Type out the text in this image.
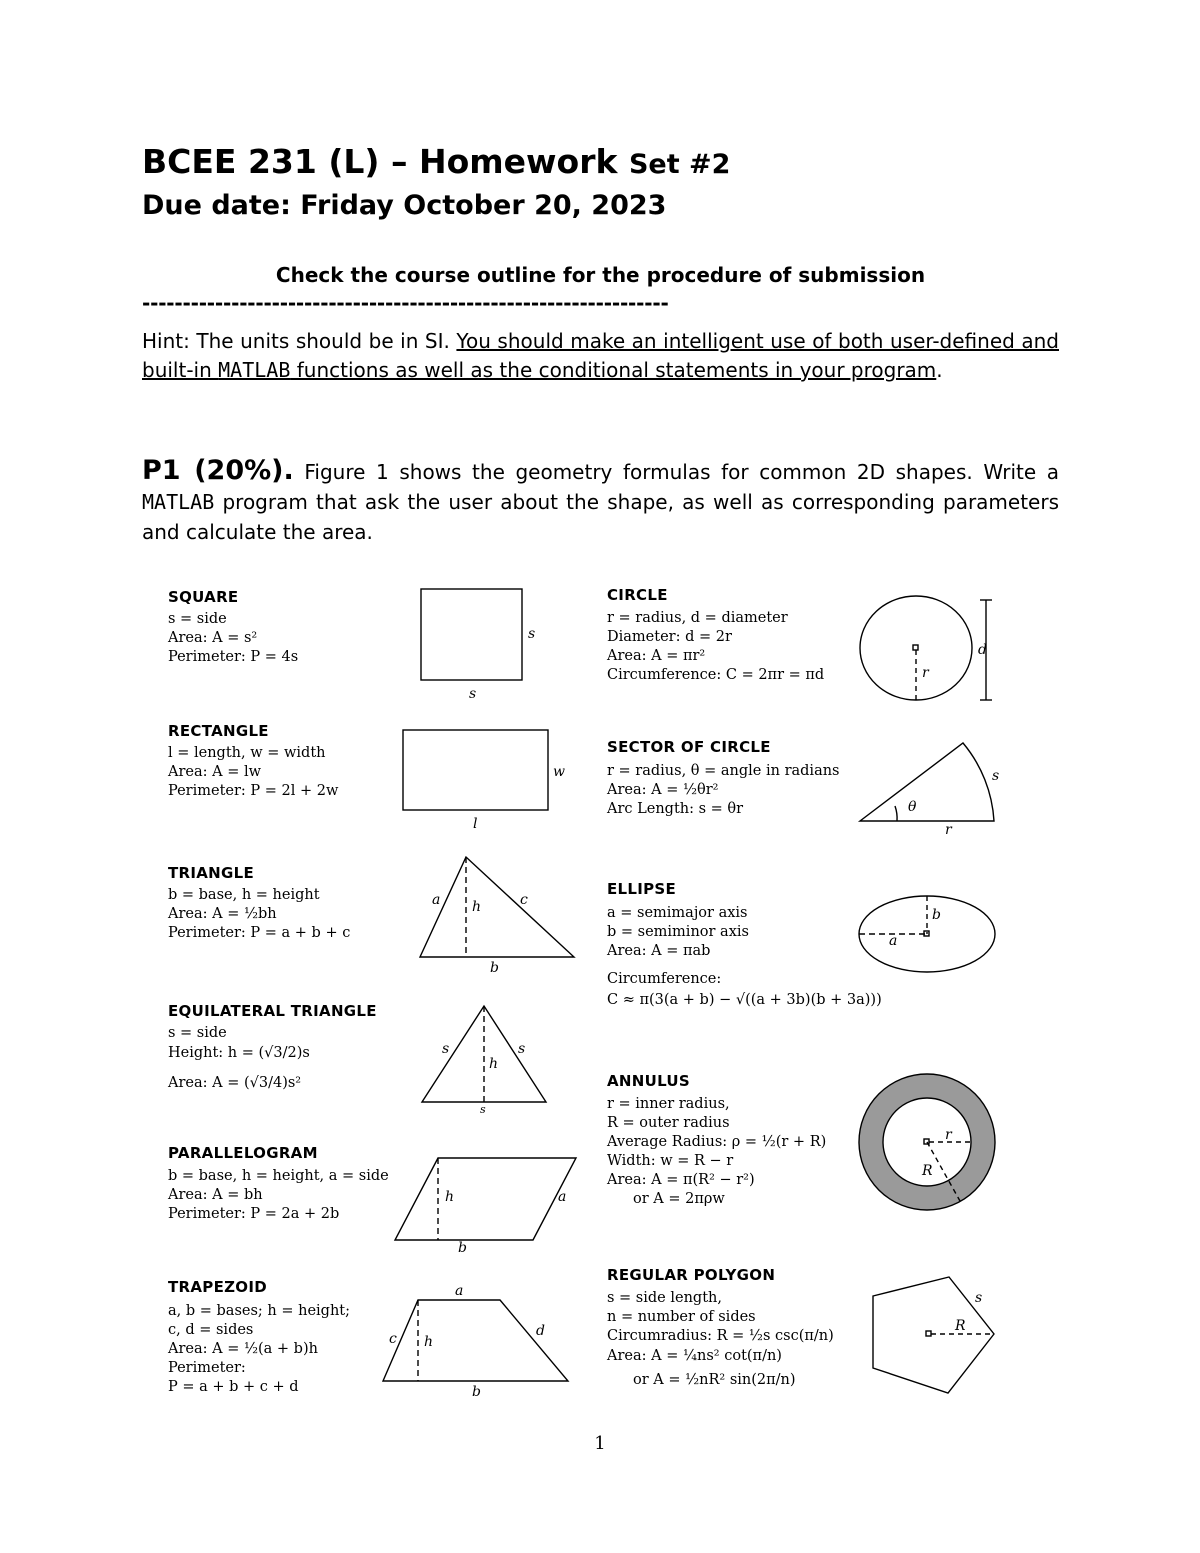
BCEE 231 (L) – Homework Set #2
Due date: Friday October 20, 2023
Check the course outline for the procedure of submission
-----------------------------------------------------------------
Hint: The units should be in SI. You should make an intelligent use of both user-defined and built-in MATLAB functions as well as the conditional statements in your program.
P1 (20%). Figure 1 shows the geometry formulas for common 2D shapes. Write a MATLAB program that ask the user about the shape, as well as corresponding parameters and calculate the area.
SQUARE
s = side
Area: A = s²
Perimeter: P = 4s
RECTANGLE
l = length, w = width
Area: A = lw
Perimeter: P = 2l + 2w
TRIANGLE
b = base, h = height
Area: A = ½bh
Perimeter: P = a + b + c
EQUILATERAL TRIANGLE
s = side
Height: h = (√3/2)s
Area: A = (√3/4)s²
PARALLELOGRAM
b = base, h = height, a = side
Area: A = bh
Perimeter: P = 2a + 2b
TRAPEZOID
a, b = bases; h = height;
c, d = sides
Area: A = ½(a + b)h
Perimeter:
P = a + b + c + d
CIRCLE
r = radius, d = diameter
Diameter: d = 2r
Area: A = πr²
Circumference: C = 2πr = πd
SECTOR OF CIRCLE
r = radius, θ = angle in radians
Area: A = ½θr²
Arc Length: s = θr
ELLIPSE
a = semimajor axis
b = semiminor axis
Area: A = πab
Circumference:
C ≈ π(3(a + b) − √((a + 3b)(b + 3a)))
ANNULUS
r = inner radius,
R = outer radius
Average Radius: ρ = ½(r + R)
Width: w = R − r
Area: A = π(R² − r²)
or A = 2πρw
REGULAR POLYGON
s = side length,
n = number of sides
Circumradius: R = ½s csc(π/n)
Area: A = ¼ns² cot(π/n)
or A = ½nR² sin(2π/n)
s
s
w
l
a h	c
b
s	s
h
s
h	a
b
a
c h
d
b
r
d
θ
s
r
a
b
r
R
R
s
1
